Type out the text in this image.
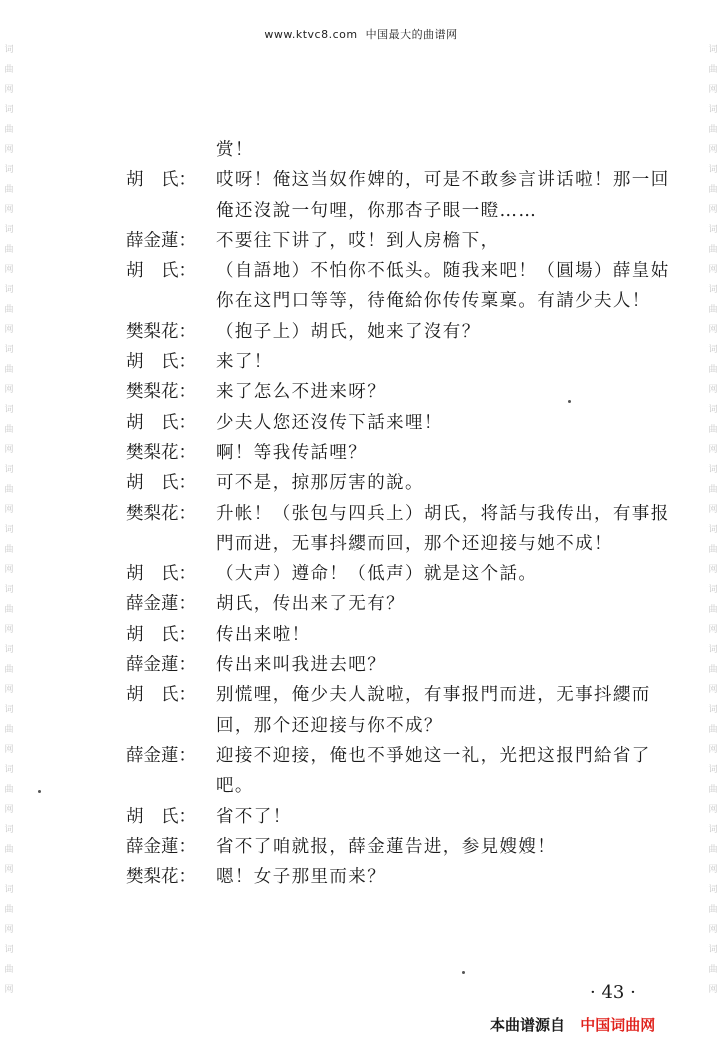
www.ktvc8.com 中国最大的曲谱网
词曲网词曲网词曲网词曲网词曲网词曲网词曲网词曲网词曲网词曲网词曲网词曲网词曲网词曲网词曲网词曲网
词曲网词曲网词曲网词曲网词曲网词曲网词曲网词曲网词曲网词曲网词曲网词曲网词曲网词曲网词曲网词曲网
赏！
胡　氏：	哎呀！俺这当奴作婢的，可是不敢参言讲话啦！那一回俺还沒說一句哩，你那杏子眼一瞪……
薛金蓮：	不要往下讲了，哎！到人房檐下，
胡　氏：	（自語地）不怕你不低头。随我来吧！（圓場）薛皇姑你在这門口等等，待俺給你传传稟稟。有請少夫人！
樊梨花：	（抱子上）胡氏，她来了沒有？
胡　氏：	来了！
樊梨花：	来了怎么不进来呀？
胡　氏：	少夫人您还沒传下話来哩！
樊梨花：	啊！等我传話哩？
胡　氏：	可不是，掠那厉害的說。
樊梨花：	升帐！（张包与四兵上）胡氏，将話与我传出，有事报門而进，无事抖纓而回，那个还迎接与她不成！
胡　氏：	（大声）遵命！（低声）就是这个話。
薛金蓮：	胡氏，传出来了无有？
胡　氏：	传出来啦！
薛金蓮：	传出来叫我进去吧？
胡　氏：	别慌哩，俺少夫人說啦，有事报門而进，无事抖纓而回，那个还迎接与你不成？
薛金蓮：	迎接不迎接，俺也不爭她这一礼，光把这报門給省了吧。
胡　氏：	省不了！
薛金蓮：	省不了咱就报，薛金蓮告进，参見嫂嫂！
樊梨花：	嗯！女子那里而来？
· 43 ·
本曲谱源自 中国词曲网
